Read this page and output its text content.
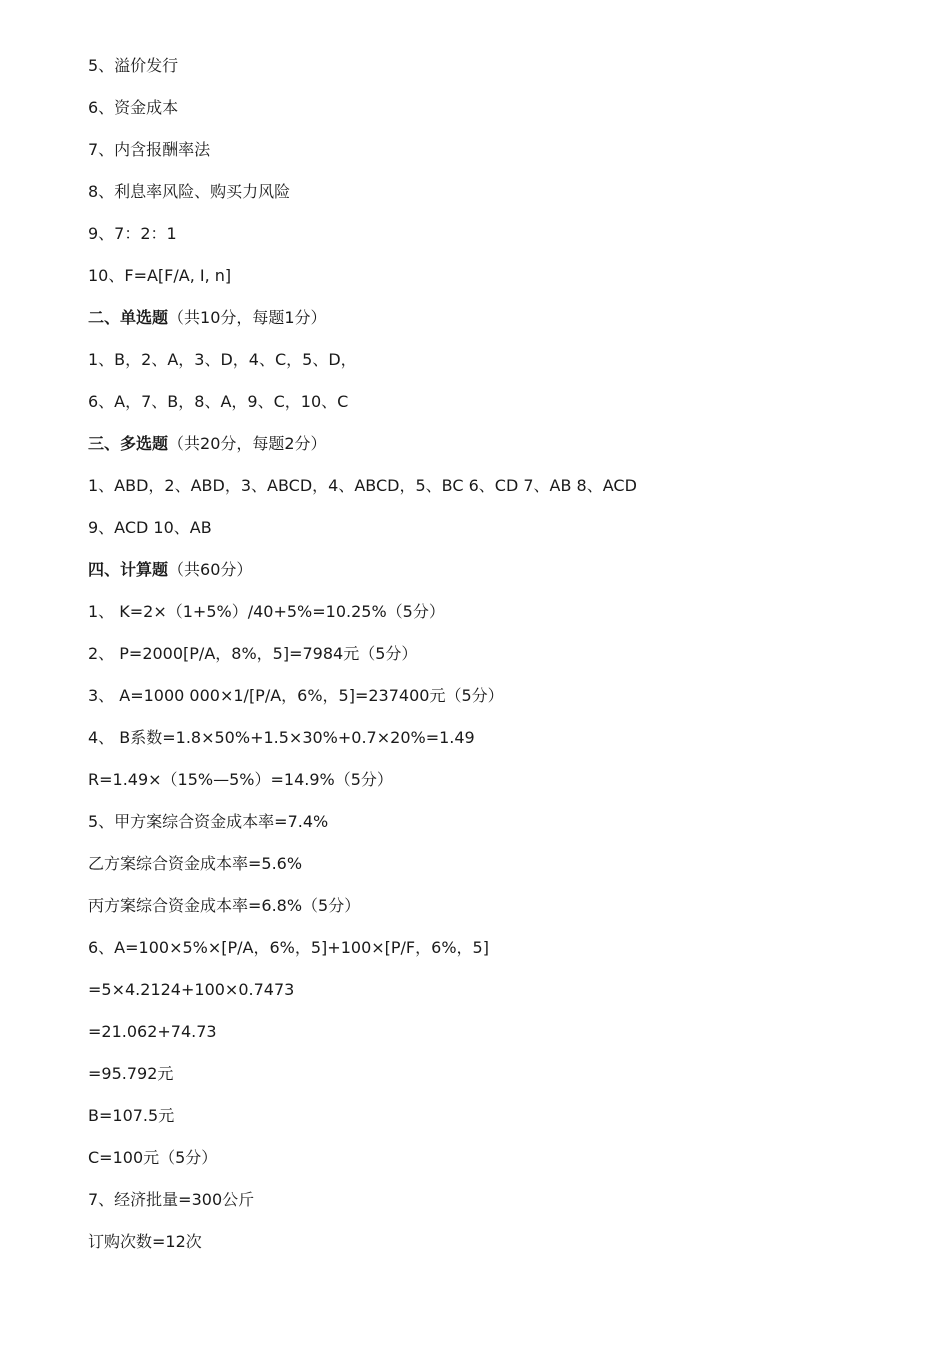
5、溢价发行
6、资金成本
7、内含报酬率法
8、利息率风险、购买力风险
9、7：2：1
10、F=A[F/A, I, n]
二、单选题（共10分，每题1分）
1、B，2、A，3、D，4、C，5、D，
6、A，7、B，8、A，9、C，10、C
三、多选题（共20分，每题2分）
1、ABD，2、ABD，3、ABCD，4、ABCD，5、BC 6、CD 7、AB 8、ACD
9、ACD 10、AB
四、计算题（共60分）
1、 K=2×（1+5%）/40+5%=10.25%（5分）
2、 P=2000[P/A，8%，5]=7984元（5分）
3、 A=1000 000×1/[P/A，6%，5]=237400元（5分）
4、 B系数=1.8×50%+1.5×30%+0.7×20%=1.49
R=1.49×（15%—5%）=14.9%（5分）
5、甲方案综合资金成本率=7.4%
乙方案综合资金成本率=5.6%
丙方案综合资金成本率=6.8%（5分）
6、A=100×5%×[P/A，6%，5]+100×[P/F，6%，5]
=5×4.2124+100×0.7473
=21.062+74.73
=95.792元
B=107.5元
C=100元（5分）
7、经济批量=300公斤
订购次数=12次
